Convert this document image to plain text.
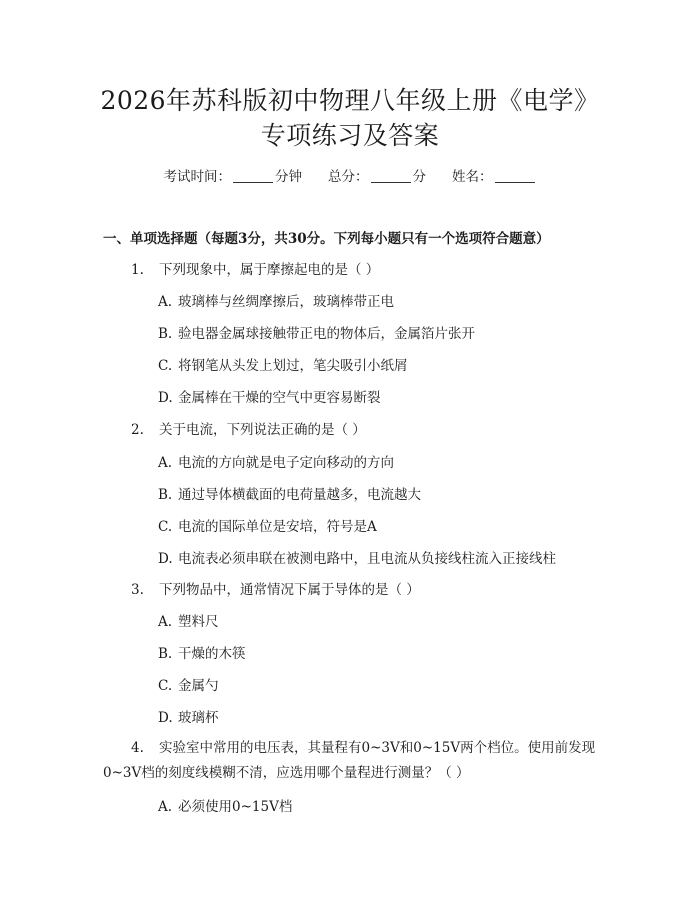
2026年苏科版初中物理八年级上册《电学》
专项练习及答案
考试时间：	分钟 总分：	分 姓名：
一、单项选择题（每题3分，共30分。下列每小题只有一个选项符合题意）
1. 下列现象中，属于摩擦起电的是（ ）
A. 玻璃棒与丝绸摩擦后，玻璃棒带正电
B. 验电器金属球接触带正电的物体后，金属箔片张开
C. 将钢笔从头发上划过，笔尖吸引小纸屑
D. 金属棒在干燥的空气中更容易断裂
2. 关于电流，下列说法正确的是（ ）
A. 电流的方向就是电子定向移动的方向
B. 通过导体横截面的电荷量越多，电流越大
C. 电流的国际单位是安培，符号是A
D. 电流表必须串联在被测电路中，且电流从负接线柱流入正接线柱
3. 下列物品中，通常情况下属于导体的是（ ）
A. 塑料尺
B. 干燥的木筷
C. 金属勺
D. 玻璃杯
4. 实验室中常用的电压表，其量程有0~3V和0~15V两个档位。使用前发现
0~3V档的刻度线模糊不清，应选用哪个量程进行测量？（ ）
A. 必须使用0~15V档
